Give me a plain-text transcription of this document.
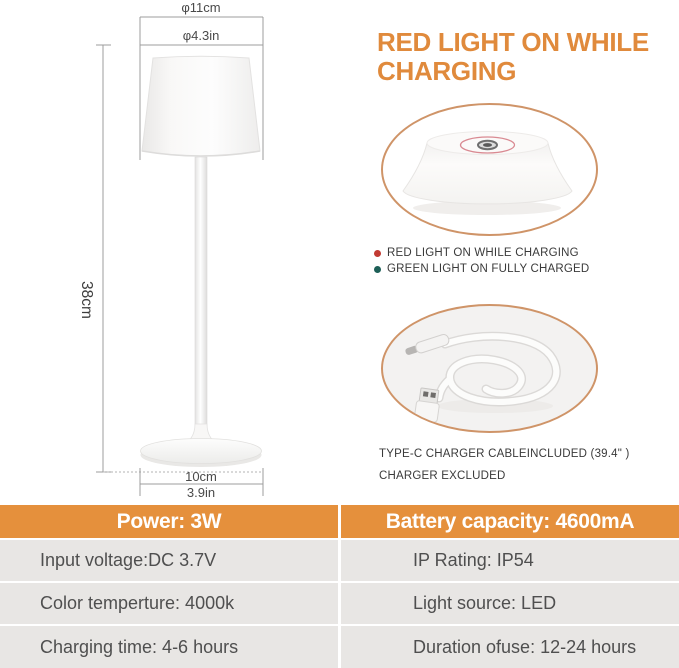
φ11cm
φ4.3in
38cm
10cm
3.9in
RED LIGHT ON WHILE CHARGING
RED LIGHT ON WHILE CHARGING
GREEN LIGHT ON FULLY CHARGED
TYPE-C CHARGER CABLEINCLUDED (39.4" )
CHARGER EXCLUDED
Power: 3W	Battery capacity: 4600mA
Input voltage:DC 3.7V	IP Rating: IP54
Color temperture: 4000k	Light source: LED
Charging time: 4-6 hours	Duration ofuse: 12-24 hours
